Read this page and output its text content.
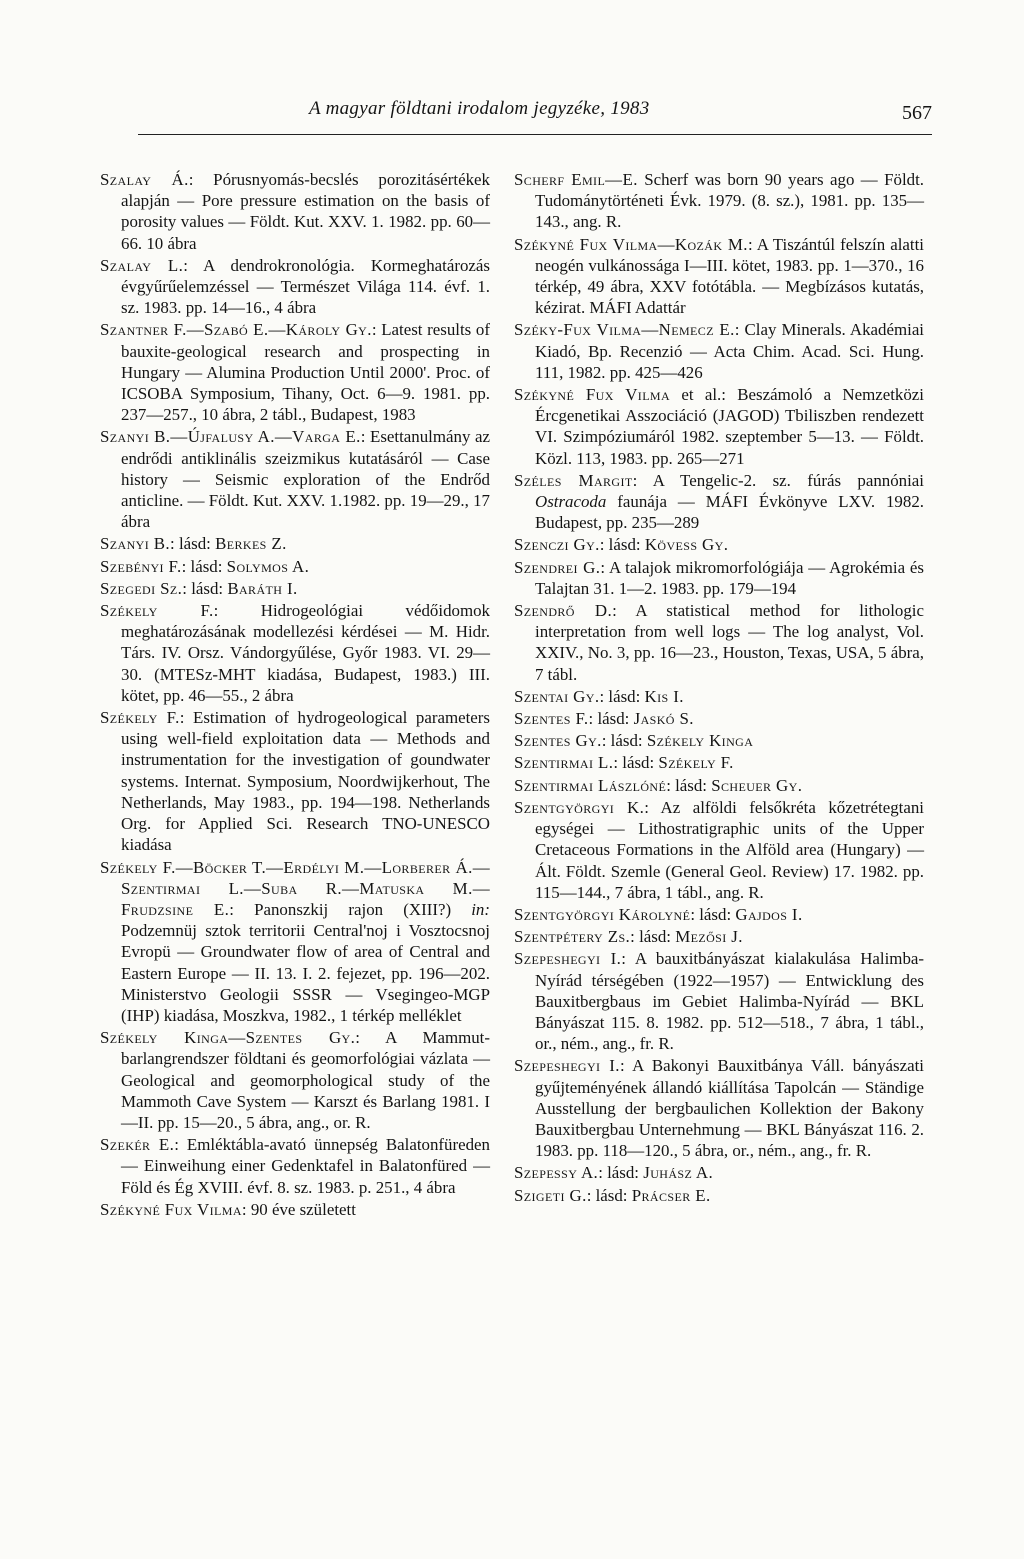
A magyar földtani irodalom jegyzéke, 1983	567

Szalay Á.: Pórusnyomás-becslés porozitásértékek alapján — Pore pressure estimation on the basis of porosity values — Földt. Kut. XXV. 1. 1982. pp. 60—66. 10 ábra

Szalay L.: A dendrokronológia. Kormeghatározás évgyűrűelemzéssel — Természet Világa 114. évf. 1. sz. 1983. pp. 14—16., 4 ábra

Szantner F.—Szabó E.—Károly Gy.: Latest results of bauxite-geological research and prospecting in Hungary — Alumina Production Until 2000'. Proc. of ICSOBA Symposium, Tihany, Oct. 6—9. 1981. pp. 237—257., 10 ábra, 2 tábl., Budapest, 1983

Szanyi B.—Újfalusy A.—Varga E.: Esettanulmány az endrődi antiklinális szeizmikus kutatásáról — Case history — Seismic exploration of the Endrőd anticline. — Földt. Kut. XXV. 1.1982. pp. 19—29., 17 ábra

Szanyi B.: lásd: Berkes Z.

Szebényi F.: lásd: Solymos A.

Szegedi Sz.: lásd: Baráth I.

Székely F.: Hidrogeológiai védőidomok meghatározásának modellezési kérdései — M. Hidr. Társ. IV. Orsz. Vándorgyűlése, Győr 1983. VI. 29—30. (MTESz-MHT kiadása, Budapest, 1983.) III. kötet, pp. 46—55., 2 ábra

Székely F.: Estimation of hydrogeological parameters using well-field exploitation data — Methods and instrumentation for the investigation of goundwater systems. Internat. Symposium, Noordwijkerhout, The Netherlands, May 1983., pp. 194—198. Netherlands Org. for Applied Sci. Research TNO-UNESCO kiadása

Székely F.—Böcker T.—Erdélyi M.—Lorberer Á.—Szentirmai L.—Suba R.—Matuska M.—Frudzsine E.: Panonszkij rajon (XIII?) in: Podzemnüj sztok territorii Central'noj i Vosztocsnoj Evropü — Groundwater flow of area of Central and Eastern Europe — II. 13. I. 2. fejezet, pp. 196—202. Ministerstvo Geologii SSSR — Vsegingeo-MGP (IHP) kiadása, Moszkva, 1982., 1 térkép melléklet

Székely Kinga—Szentes Gy.: A Mammut-barlangrendszer földtani és geomorfológiai vázlata — Geological and geomorphological study of the Mammoth Cave System — Karszt és Barlang 1981. I—II. pp. 15—20., 5 ábra, ang., or. R.

Szekér E.: Emléktábla-avató ünnepség Balatonfüreden — Einweihung einer Gedenktafel in Balatonfüred — Föld és Ég XVIII. évf. 8. sz. 1983. p. 251., 4 ábra

Székyné Fux Vilma: 90 éve született

Scherf Emil—E. Scherf was born 90 years ago — Földt. Tudománytörténeti Évk. 1979. (8. sz.), 1981. pp. 135—143., ang. R.

Székyné Fux Vilma—Kozák M.: A Tiszántúl felszín alatti neogén vulkánossága I—III. kötet, 1983. pp. 1—370., 16 térkép, 49 ábra, XXV fotótábla. — Megbízásos kutatás, kézirat. MÁFI Adattár

Széky-Fux Vilma—Nemecz E.: Clay Minerals. Akadémiai Kiadó, Bp. Recenzió — Acta Chim. Acad. Sci. Hung. 111, 1982. pp. 425—426

Székyné Fux Vilma et al.: Beszámoló a Nemzetközi Ércgenetikai Asszociáció (JAGOD) Tbiliszben rendezett VI. Szimpóziumáról 1982. szeptember 5—13. — Földt. Közl. 113, 1983. pp. 265—271

Széles Margit: A Tengelic-2. sz. fúrás pannóniai Ostracoda faunája — MÁFI Évkönyve LXV. 1982. Budapest, pp. 235—289

Szenczi Gy.: lásd: Kövess Gy.

Szendrei G.: A talajok mikromorfológiája — Agrokémia és Talajtan 31. 1—2. 1983. pp. 179—194

Szendrő D.: A statistical method for lithologic interpretation from well logs — The log analyst, Vol. XXIV., No. 3, pp. 16—23., Houston, Texas, USA, 5 ábra, 7 tábl.

Szentai Gy.: lásd: Kis I.

Szentes F.: lásd: Jaskó S.

Szentes Gy.: lásd: Székely Kinga

Szentirmai L.: lásd: Székely F.

Szentirmai Lászlóné: lásd: Scheuer Gy.

Szentgyörgyi K.: Az alföldi felsőkréta kőzetrétegtani egységei — Lithostratigraphic units of the Upper Cretaceous Formations in the Alföld area (Hungary) — Ált. Földt. Szemle (General Geol. Review) 17. 1982. pp. 115—144., 7 ábra, 1 tábl., ang. R.

Szentgyörgyi Károlyné: lásd: Gajdos I.

Szentpétery Zs.: lásd: Mezősi J.

Szepeshegyi I.: A bauxitbányászat kialakulása Halimba-Nyírád térségében (1922—1957) — Entwicklung des Bauxitbergbaus im Gebiet Halimba-Nyírád — BKL Bányászat 115. 8. 1982. pp. 512—518., 7 ábra, 1 tábl., or., ném., ang., fr. R.

Szepeshegyi I.: A Bakonyi Bauxitbánya Váll. bányászati gyűjteményének állandó kiállítása Tapolcán — Ständige Ausstellung der bergbaulichen Kollektion der Bakony Bauxitbergbau Unternehmung — BKL Bányászat 116. 2. 1983. pp. 118—120., 5 ábra, or., ném., ang., fr. R.

Szepessy A.: lásd: Juhász A.

Szigeti G.: lásd: Prácser E.
